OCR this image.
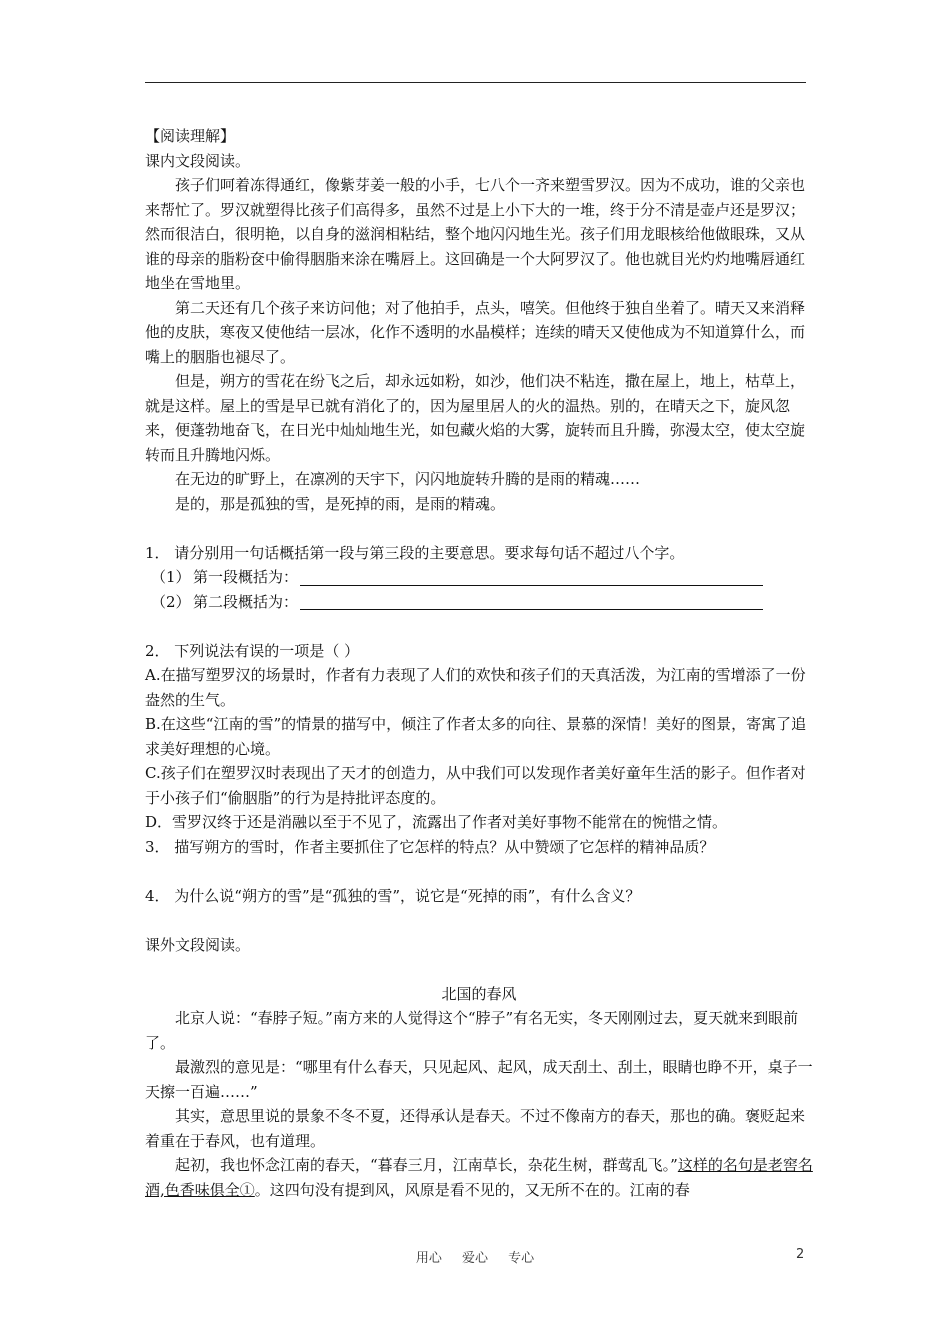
【阅读理解】

课内文段阅读。

孩子们呵着冻得通红，像紫芽姜一般的小手，七八个一齐来塑雪罗汉。因为不成功，谁的父亲也来帮忙了。罗汉就塑得比孩子们高得多，虽然不过是上小下大的一堆，终于分不清是壶卢还是罗汉；然而很洁白，很明艳，以自身的滋润相粘结，整个地闪闪地生光。孩子们用龙眼核给他做眼珠，又从谁的母亲的脂粉奁中偷得胭脂来涂在嘴唇上。这回确是一个大阿罗汉了。他也就目光灼灼地嘴唇通红地坐在雪地里。

第二天还有几个孩子来访问他；对了他拍手，点头，嘻笑。但他终于独自坐着了。晴天又来消释他的皮肤，寒夜又使他结一层冰，化作不透明的水晶模样；连续的晴天又使他成为不知道算什么，而嘴上的胭脂也褪尽了。

但是，朔方的雪花在纷飞之后，却永远如粉，如沙，他们决不粘连，撒在屋上，地上，枯草上，就是这样。屋上的雪是早已就有消化了的，因为屋里居人的火的温热。别的，在晴天之下，旋风忽来，便蓬勃地奋飞，在日光中灿灿地生光，如包藏火焰的大雾，旋转而且升腾，弥漫太空，使太空旋转而且升腾地闪烁。

在无边的旷野上，在凛冽的天宇下，闪闪地旋转升腾的是雨的精魂……

是的，那是孤独的雪，是死掉的雨，是雨的精魂。

1． 请分别用一句话概括第一段与第三段的主要意思。要求每句话不超过八个字。

（1） 第一段概括为：
（2） 第二段概括为：

2． 下列说法有误的一项是（ ）

A.在描写塑罗汉的场景时，作者有力表现了人们的欢快和孩子们的天真活泼，为江南的雪增添了一份盎然的生气。

B.在这些“江南的雪”的情景的描写中，倾注了作者太多的向往、景慕的深情！美好的图景，寄寓了追求美好理想的心境。

C.孩子们在塑罗汉时表现出了天才的创造力，从中我们可以发现作者美好童年生活的影子。但作者对于小孩子们“偷胭脂”的行为是持批评态度的。

D．雪罗汉终于还是消融以至于不见了，流露出了作者对美好事物不能常在的惋惜之情。

3． 描写朔方的雪时，作者主要抓住了它怎样的特点？从中赞颂了它怎样的精神品质？

4． 为什么说“朔方的雪”是“孤独的雪”，说它是“死掉的雨”，有什么含义？

课外文段阅读。

北国的春风

北京人说：“春脖子短。”南方来的人觉得这个“脖子”有名无实，冬天刚刚过去，夏天就来到眼前了。

最激烈的意见是：“哪里有什么春天，只见起风、起风，成天刮土、刮土，眼睛也睁不开，桌子一天擦一百遍……”

其实，意思里说的景象不冬不夏，还得承认是春天。不过不像南方的春天，那也的确。褒贬起来着重在于春风，也有道理。

起初，我也怀念江南的春天，“暮春三月，江南草长，杂花生树，群莺乱飞。”这样的名句是老窖名酒,色香味俱全①。这四句没有提到风，风原是看不见的，又无所不在的。江南的春

用心 爱心 专心	2
